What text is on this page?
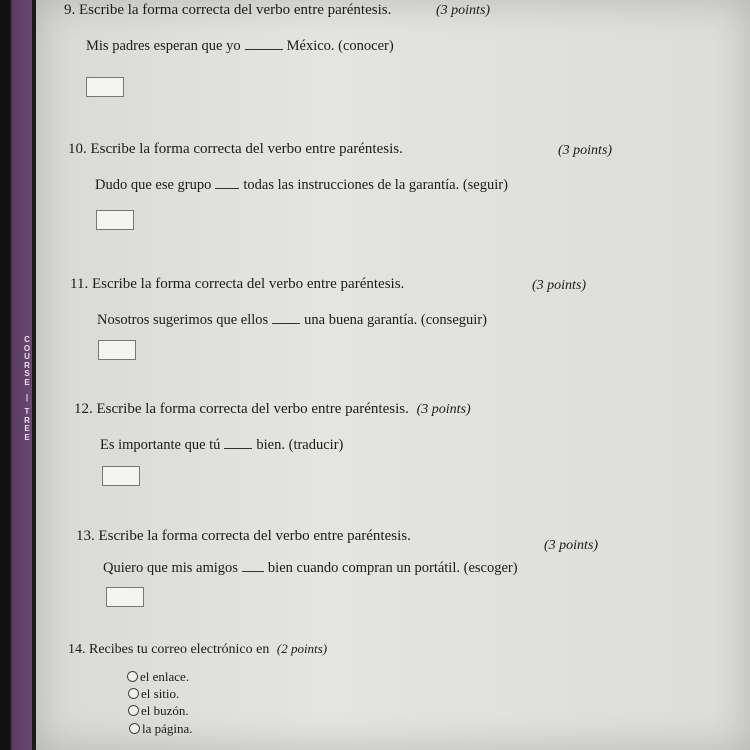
C
O
U
R
S
E
|
T
R
E
E
9. Escribe la forma correcta del verbo entre paréntesis.	(3 points)
Mis padres esperan que yo	México. (conocer)
10. Escribe la forma correcta del verbo entre paréntesis.	(3 points)
Dudo que ese grupo todas las instrucciones de la garantía. (seguir)
11. Escribe la forma correcta del verbo entre paréntesis.	(3 points)
Nosotros sugerimos que ellos una buena garantía. (conseguir)
12. Escribe la forma correcta del verbo entre paréntesis. (3 points)
Es importante que tú bien. (traducir)
13. Escribe la forma correcta del verbo entre paréntesis.
(3 points)
Quiero que mis amigos bien cuando compran un portátil. (escoger)
14. Recibes tu correo electrónico en (2 points)
el enlace.
el sitio.
el buzón.
la página.
